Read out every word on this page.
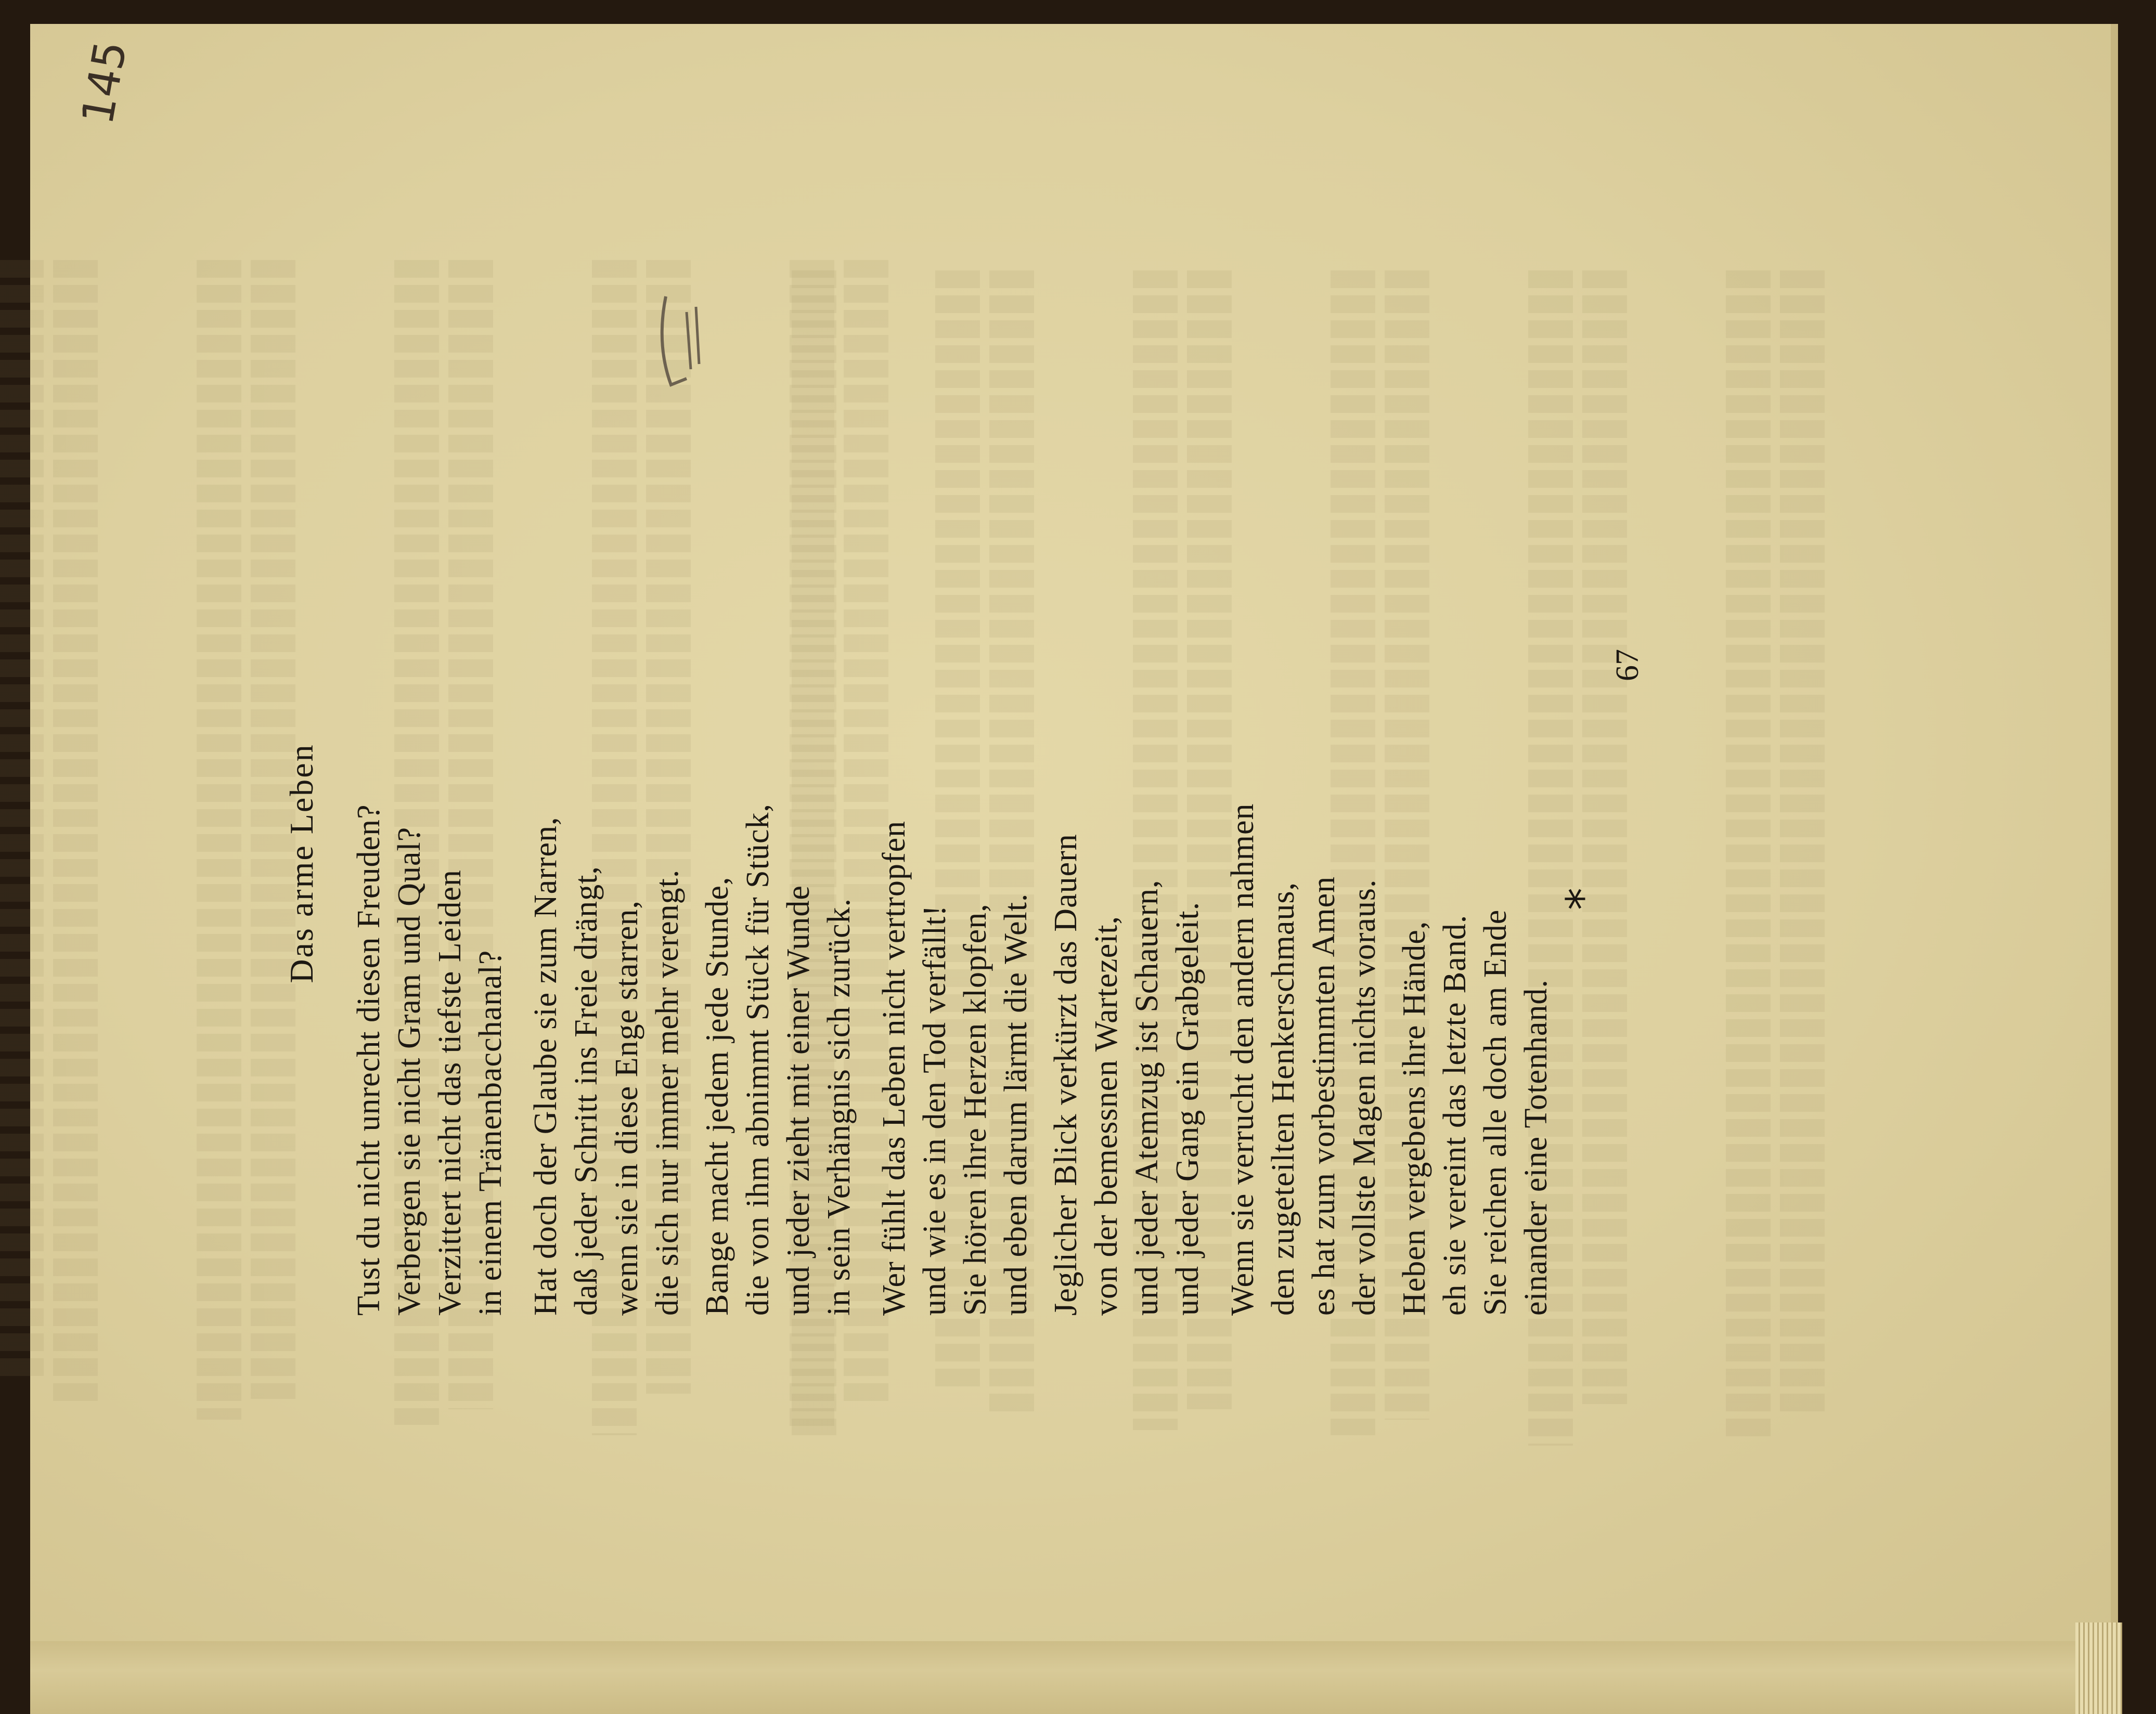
145
Das arme Leben Tust du nicht unrecht diesen Freuden? Verbergen sie nicht Gram und Qual? Verzittert nicht das tiefste Leiden in einem Tränenbacchanal? Hat doch der Glaube sie zum Narren, daß jeder Schritt ins Freie drängt, wenn sie in diese Enge starren, die sich nur immer mehr verengt. Bange macht jedem jede Stunde, die von ihm abnimmt Stück für Stück, und jeder zieht mit einer Wunde in sein Verhängnis sich zurück. Wer fühlt das Leben nicht vertropfen und wie es in den Tod verfällt! Sie hören ihre Herzen klopfen, und eben darum lärmt die Welt. Jeglicher Blick verkürzt das Dauern von der bemessnen Wartezeit, und jeder Atemzug ist Schauern, und jeder Gang ein Grabgeleit. Wenn sie verrucht den andern nahmen den zugeteilten Henkerschmaus, es hat zum vorbestimmten Amen der vollste Magen nichts voraus. Heben vergebens ihre Hände, eh sie vereint das letzte Band. Sie reichen alle doch am Ende einander eine Totenhand.
*
67
